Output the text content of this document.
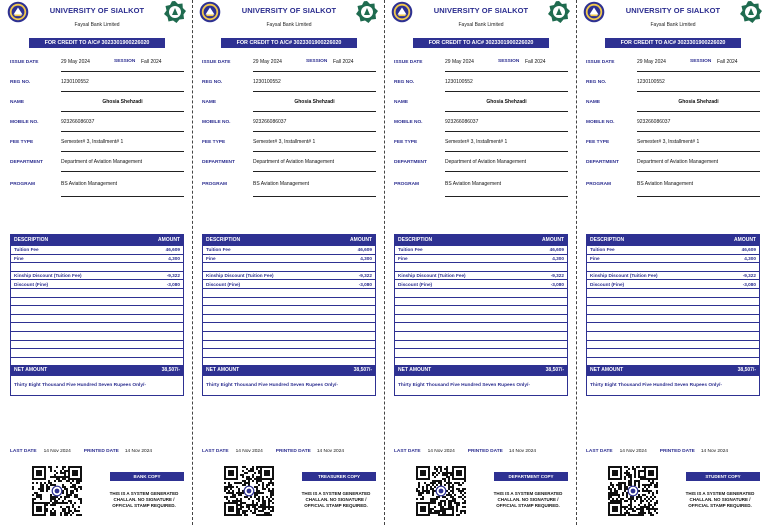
UNIVERSITY OF SIALKOT
Faysal Bank Limited
FOR CREDIT TO A/C# 3023301900226020
ISSUE DATE	29 May 2024	SESSION Fall 2024
REG NO.	1230100552
NAME	Ghosia Shehzadi
MOBILE NO.	923266086037
FEE TYPE	Semester# 3, Installment# 1
DEPARTMENT	Department of Aviation Management
PROGRAM	BS Aviation Management
DESCRIPTION	AMOUNT
Tuition Fee	46,609
Fine	4,300
Kinship Discount (Tuition Fee)	-9,322
Discount (Fine)	-3,080
NET AMOUNT	38,507/-
Thirty Eight Thousand Five Hundred Seven Rupees Only/-
LAST DATE 14 Nov 2024	PRINTED DATE 14 Nov 2024
BANK COPY
THIS IS A SYSTEM GENERATED CHALLAN. NO SIGNATURE / OFFICIAL STAMP REQUIRED.
UNIVERSITY OF SIALKOT
Faysal Bank Limited
FOR CREDIT TO A/C# 3023301900226020
ISSUE DATE	29 May 2024	SESSION Fall 2024
REG NO.	1230100552
NAME	Ghosia Shehzadi
MOBILE NO.	923266086037
FEE TYPE	Semester# 3, Installment# 1
DEPARTMENT	Department of Aviation Management
PROGRAM	BS Aviation Management
DESCRIPTION	AMOUNT
Tuition Fee	46,609
Fine	4,300
Kinship Discount (Tuition Fee)	-9,322
Discount (Fine)	-3,080
NET AMOUNT	38,507/-
Thirty Eight Thousand Five Hundred Seven Rupees Only/-
LAST DATE 14 Nov 2024	PRINTED DATE 14 Nov 2024
TREASURER COPY
THIS IS A SYSTEM GENERATED CHALLAN. NO SIGNATURE / OFFICIAL STAMP REQUIRED.
UNIVERSITY OF SIALKOT
Faysal Bank Limited
FOR CREDIT TO A/C# 3023301900226020
ISSUE DATE	29 May 2024	SESSION Fall 2024
REG NO.	1230100552
NAME	Ghosia Shehzadi
MOBILE NO.	923266086037
FEE TYPE	Semester# 3, Installment# 1
DEPARTMENT	Department of Aviation Management
PROGRAM	BS Aviation Management
DESCRIPTION	AMOUNT
Tuition Fee	46,609
Fine	4,300
Kinship Discount (Tuition Fee)	-9,322
Discount (Fine)	-3,080
NET AMOUNT	38,507/-
Thirty Eight Thousand Five Hundred Seven Rupees Only/-
LAST DATE 14 Nov 2024	PRINTED DATE 14 Nov 2024
DEPARTMENT COPY
THIS IS A SYSTEM GENERATED CHALLAN. NO SIGNATURE / OFFICIAL STAMP REQUIRED.
UNIVERSITY OF SIALKOT
Faysal Bank Limited
FOR CREDIT TO A/C# 3023301900226020
ISSUE DATE	29 May 2024	SESSION Fall 2024
REG NO.	1230100552
NAME	Ghosia Shehzadi
MOBILE NO.	923266086037
FEE TYPE	Semester# 3, Installment# 1
DEPARTMENT	Department of Aviation Management
PROGRAM	BS Aviation Management
DESCRIPTION	AMOUNT
Tuition Fee	46,609
Fine	4,300
Kinship Discount (Tuition Fee)	-9,322
Discount (Fine)	-3,080
NET AMOUNT	38,507/-
Thirty Eight Thousand Five Hundred Seven Rupees Only/-
LAST DATE 14 Nov 2024	PRINTED DATE 14 Nov 2024
STUDENT COPY
THIS IS A SYSTEM GENERATED CHALLAN. NO SIGNATURE / OFFICIAL STAMP REQUIRED.
